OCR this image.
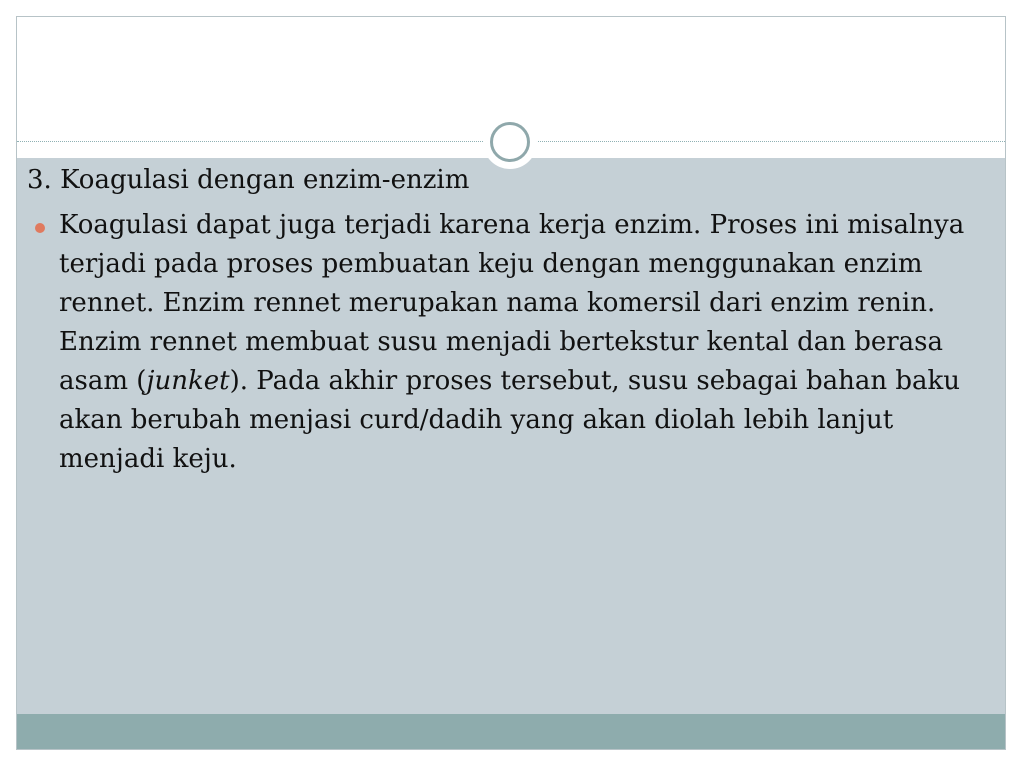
3. Koagulasi dengan enzim-enzim
Koagulasi dapat juga terjadi karena kerja enzim. Proses ini misalnya terjadi pada proses pembuatan keju dengan menggunakan enzim rennet. Enzim rennet merupakan nama komersil dari enzim renin. Enzim rennet membuat susu menjadi bertekstur kental dan berasa asam (junket). Pada akhir proses tersebut, susu sebagai bahan baku akan berubah menjasi curd/dadih yang akan diolah lebih lanjut menjadi keju.
